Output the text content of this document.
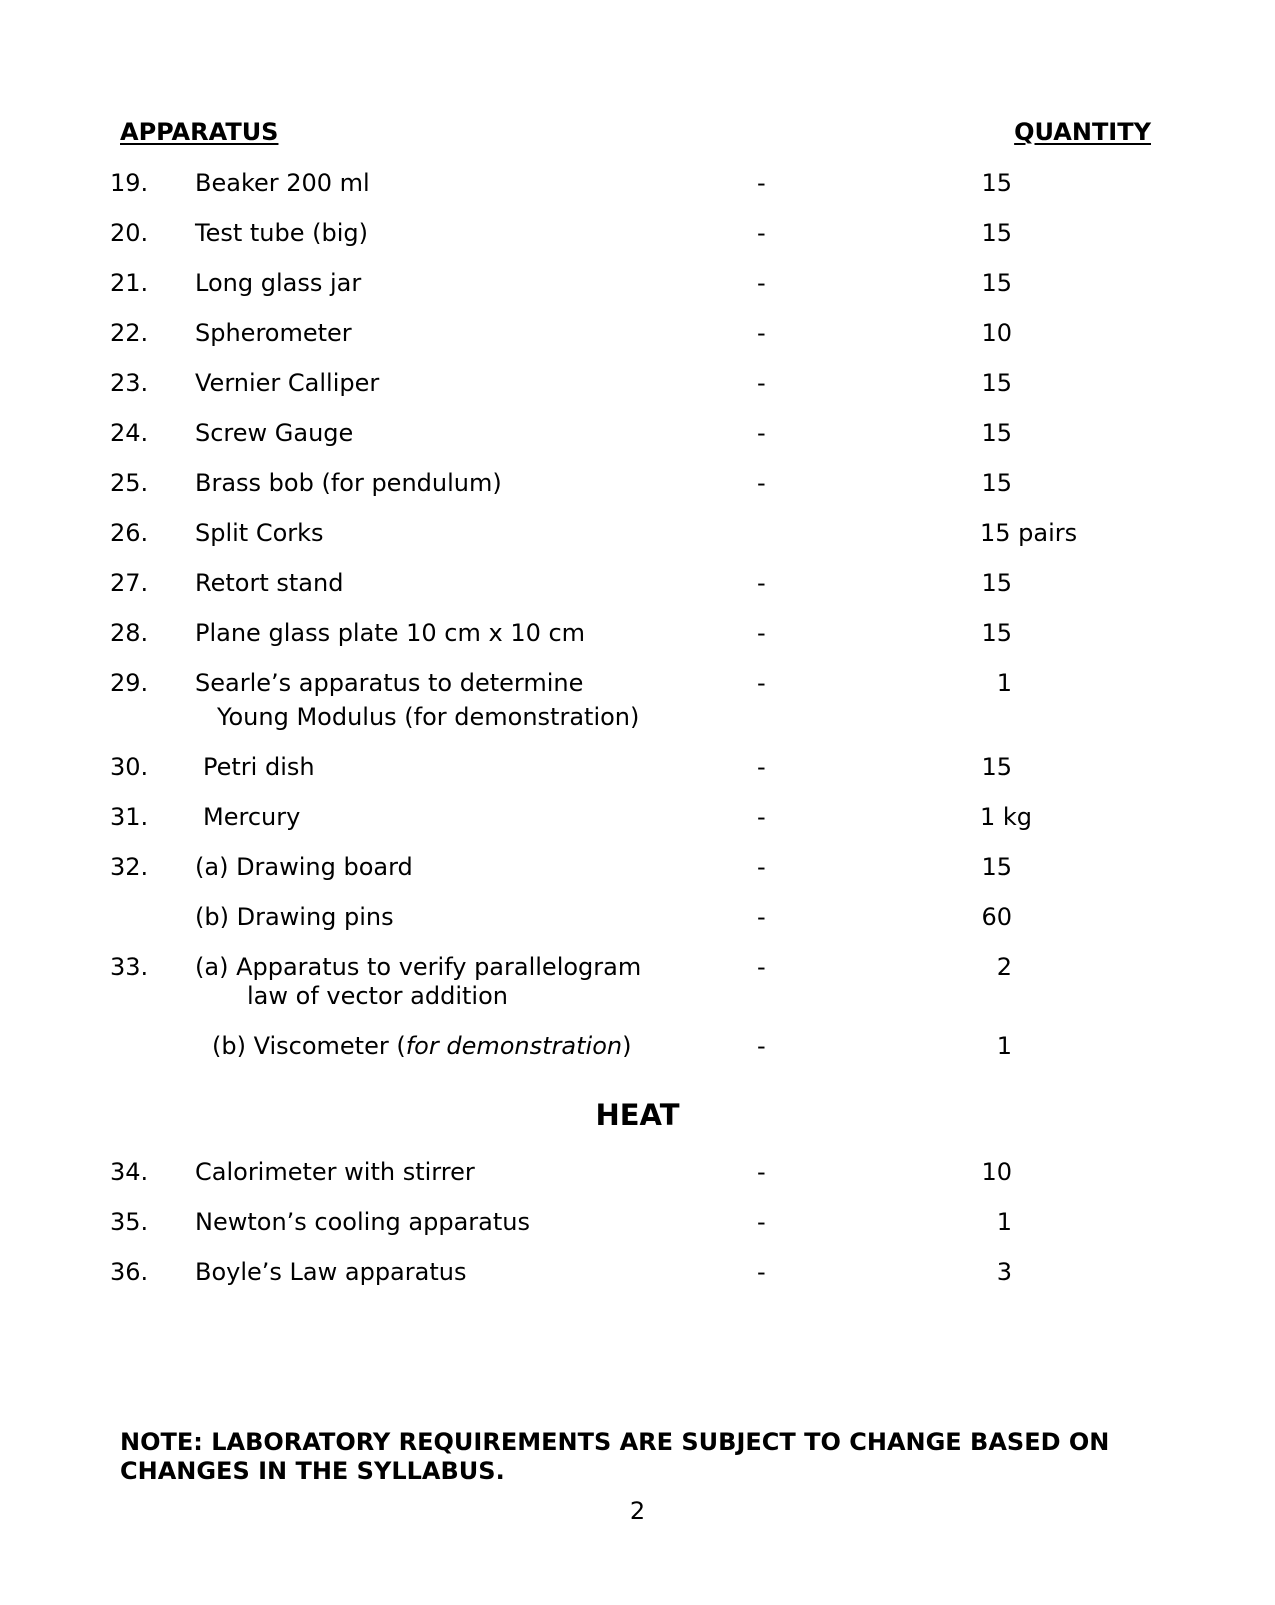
APPARATUS	QUANTITY
19. Beaker 200 ml	-	15
20. Test tube (big)	-	15
21. Long glass jar	-	15
22. Spherometer	-	10
23. Vernier Calliper	-	15
24. Screw Gauge	-	15
25. Brass bob (for pendulum)	-	15
26. Split Corks	15 pairs
27. Retort stand	-	15
28. Plane glass plate 10 cm x 10 cm	-	15
29. Searle’s apparatus to determine
Young Modulus (for demonstration)
-	1
30. Petri dish	-	15
31. Mercury	-	1 kg
32. (a) Drawing board	-	15
(b) Drawing pins	-	60
33. (a) Apparatus to verify parallelogram
law of vector addition
-	2
(b) Viscometer (for demonstration)	-	1
HEAT
34. Calorimeter with stirrer	-	10
35. Newton’s cooling apparatus	-	1
36. Boyle’s Law apparatus	-	3
NOTE: LABORATORY REQUIREMENTS ARE SUBJECT TO CHANGE BASED ON CHANGES IN THE SYLLABUS.
2
